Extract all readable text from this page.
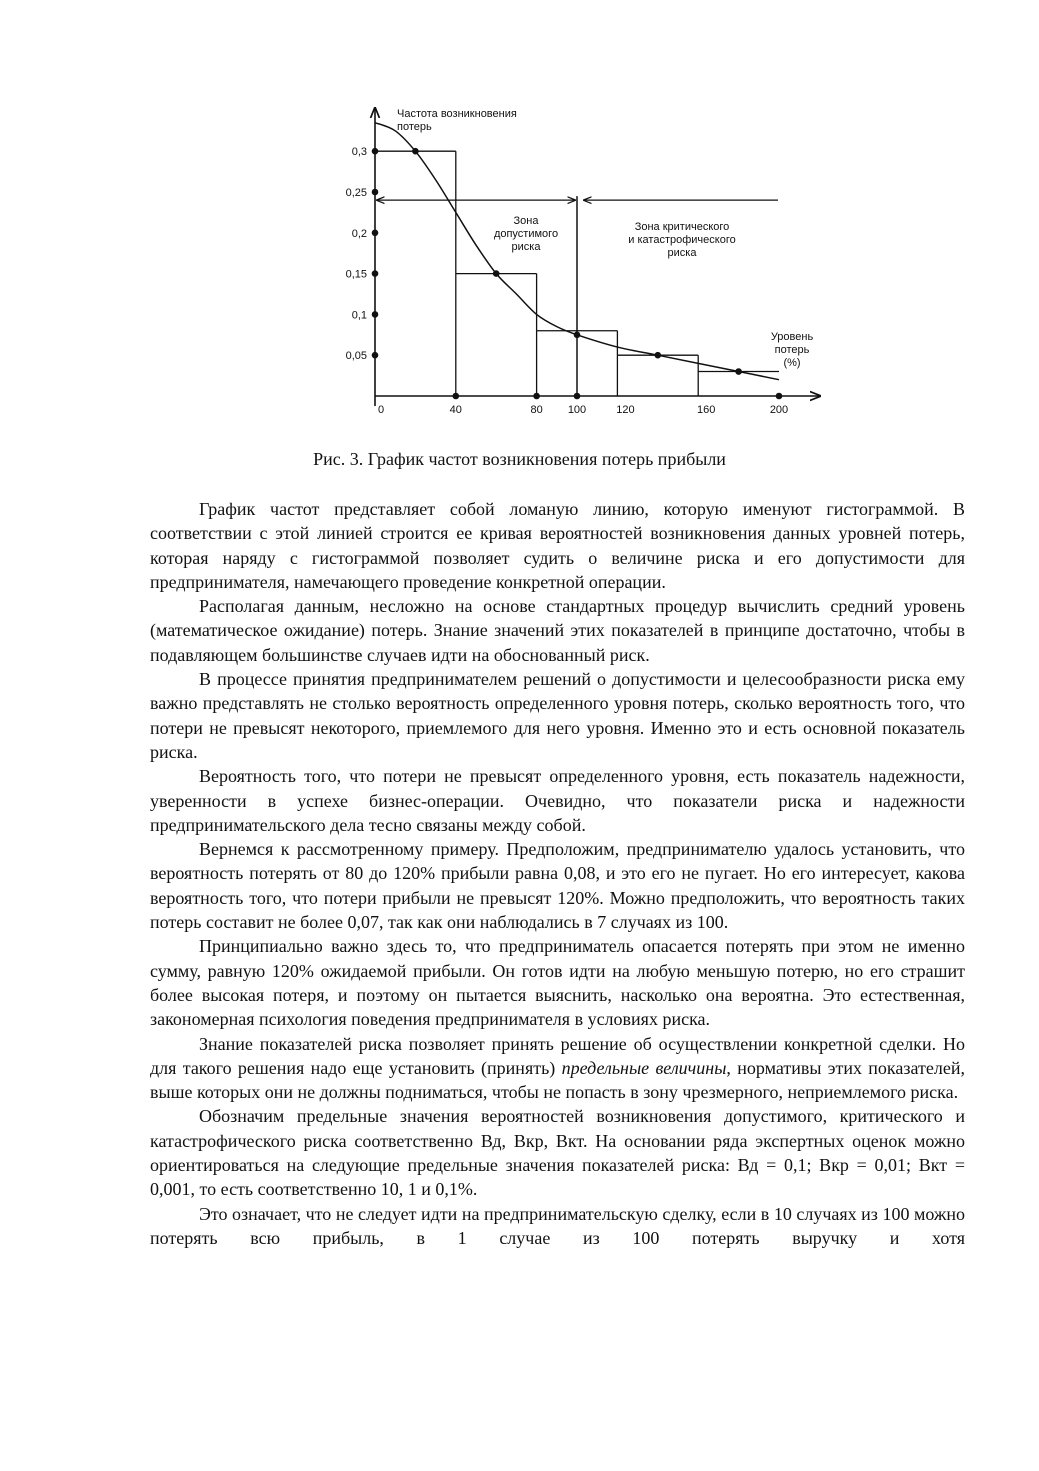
0,05
0,1
0,15
0,2
0,25
0,3
0	40	80 100	120	160	200
Частота возникновения
потерь
Уровень
потерь
(%)
Зона
допустимого
риска
Зона критического
и катастрофического
риска
Рис. 3. График частот возникновения потерь прибыли

График частот представляет собой ломаную линию, которую именуют гистограммой. В соответствии с этой линией строится ее кривая вероятностей возникновения данных уровней потерь, которая наряду с гистограммой позволяет судить о величине риска и его допустимости для предпринимателя, намечающего проведение конкретной операции.

Располагая данным, несложно на основе стандартных процедур вычислить средний уровень (математическое ожидание) потерь. Знание значений этих показателей в принципе достаточно, чтобы в подавляющем большинстве случаев идти на обоснованный риск.

В процессе принятия предпринимателем решений о допустимости и целесообразности риска ему важно представлять не столько вероятность определенного уровня потерь, сколько вероятность того, что потери не превысят некоторого, приемлемого для него уровня. Именно это и есть основной показатель риска.

Вероятность того, что потери не превысят определенного уровня, есть показатель надежности, уверенности в успехе бизнес-операции. Очевидно, что показатели риска и надежности предпринимательского дела тесно связаны между собой.

Вернемся к рассмотренному примеру. Предположим, предпринимателю удалось установить, что вероятность потерять от 80 до 120% прибыли равна 0,08, и это его не пугает. Но его интересует, какова вероятность того, что потери прибыли не превысят 120%. Можно предположить, что вероятность таких потерь составит не более 0,07, так как они наблюдались в 7 случаях из 100.

Принципиально важно здесь то, что предприниматель опасается потерять при этом не именно сумму, равную 120% ожидаемой прибыли. Он готов идти на любую меньшую потерю, но его страшит более высокая потеря, и поэтому он пытается выяснить, насколько она вероятна. Это естественная, закономерная психология поведения предпринимателя в условиях риска.

Знание показателей риска позволяет принять решение об осуществлении конкретной сделки. Но для такого решения надо еще установить (принять) предельные величины, нормативы этих показателей, выше которых они не должны подниматься, чтобы не попасть в зону чрезмерного, неприемлемого риска.

Обозначим предельные значения вероятностей возникновения допустимого, критического и катастрофического риска соответственно Вд, Вкр, Вкт. На основании ряда экспертных оценок можно ориентироваться на следующие предельные значения показателей риска: Вд = 0,1; Вкр = 0,01; Вкт = 0,001, то есть соответственно 10, 1 и 0,1%.

Это означает, что не следует идти на предпринимательскую сделку, если в 10 случаях из 100 можно потерять всю прибыль, в 1 случае из 100 потерять выручку и хотя
